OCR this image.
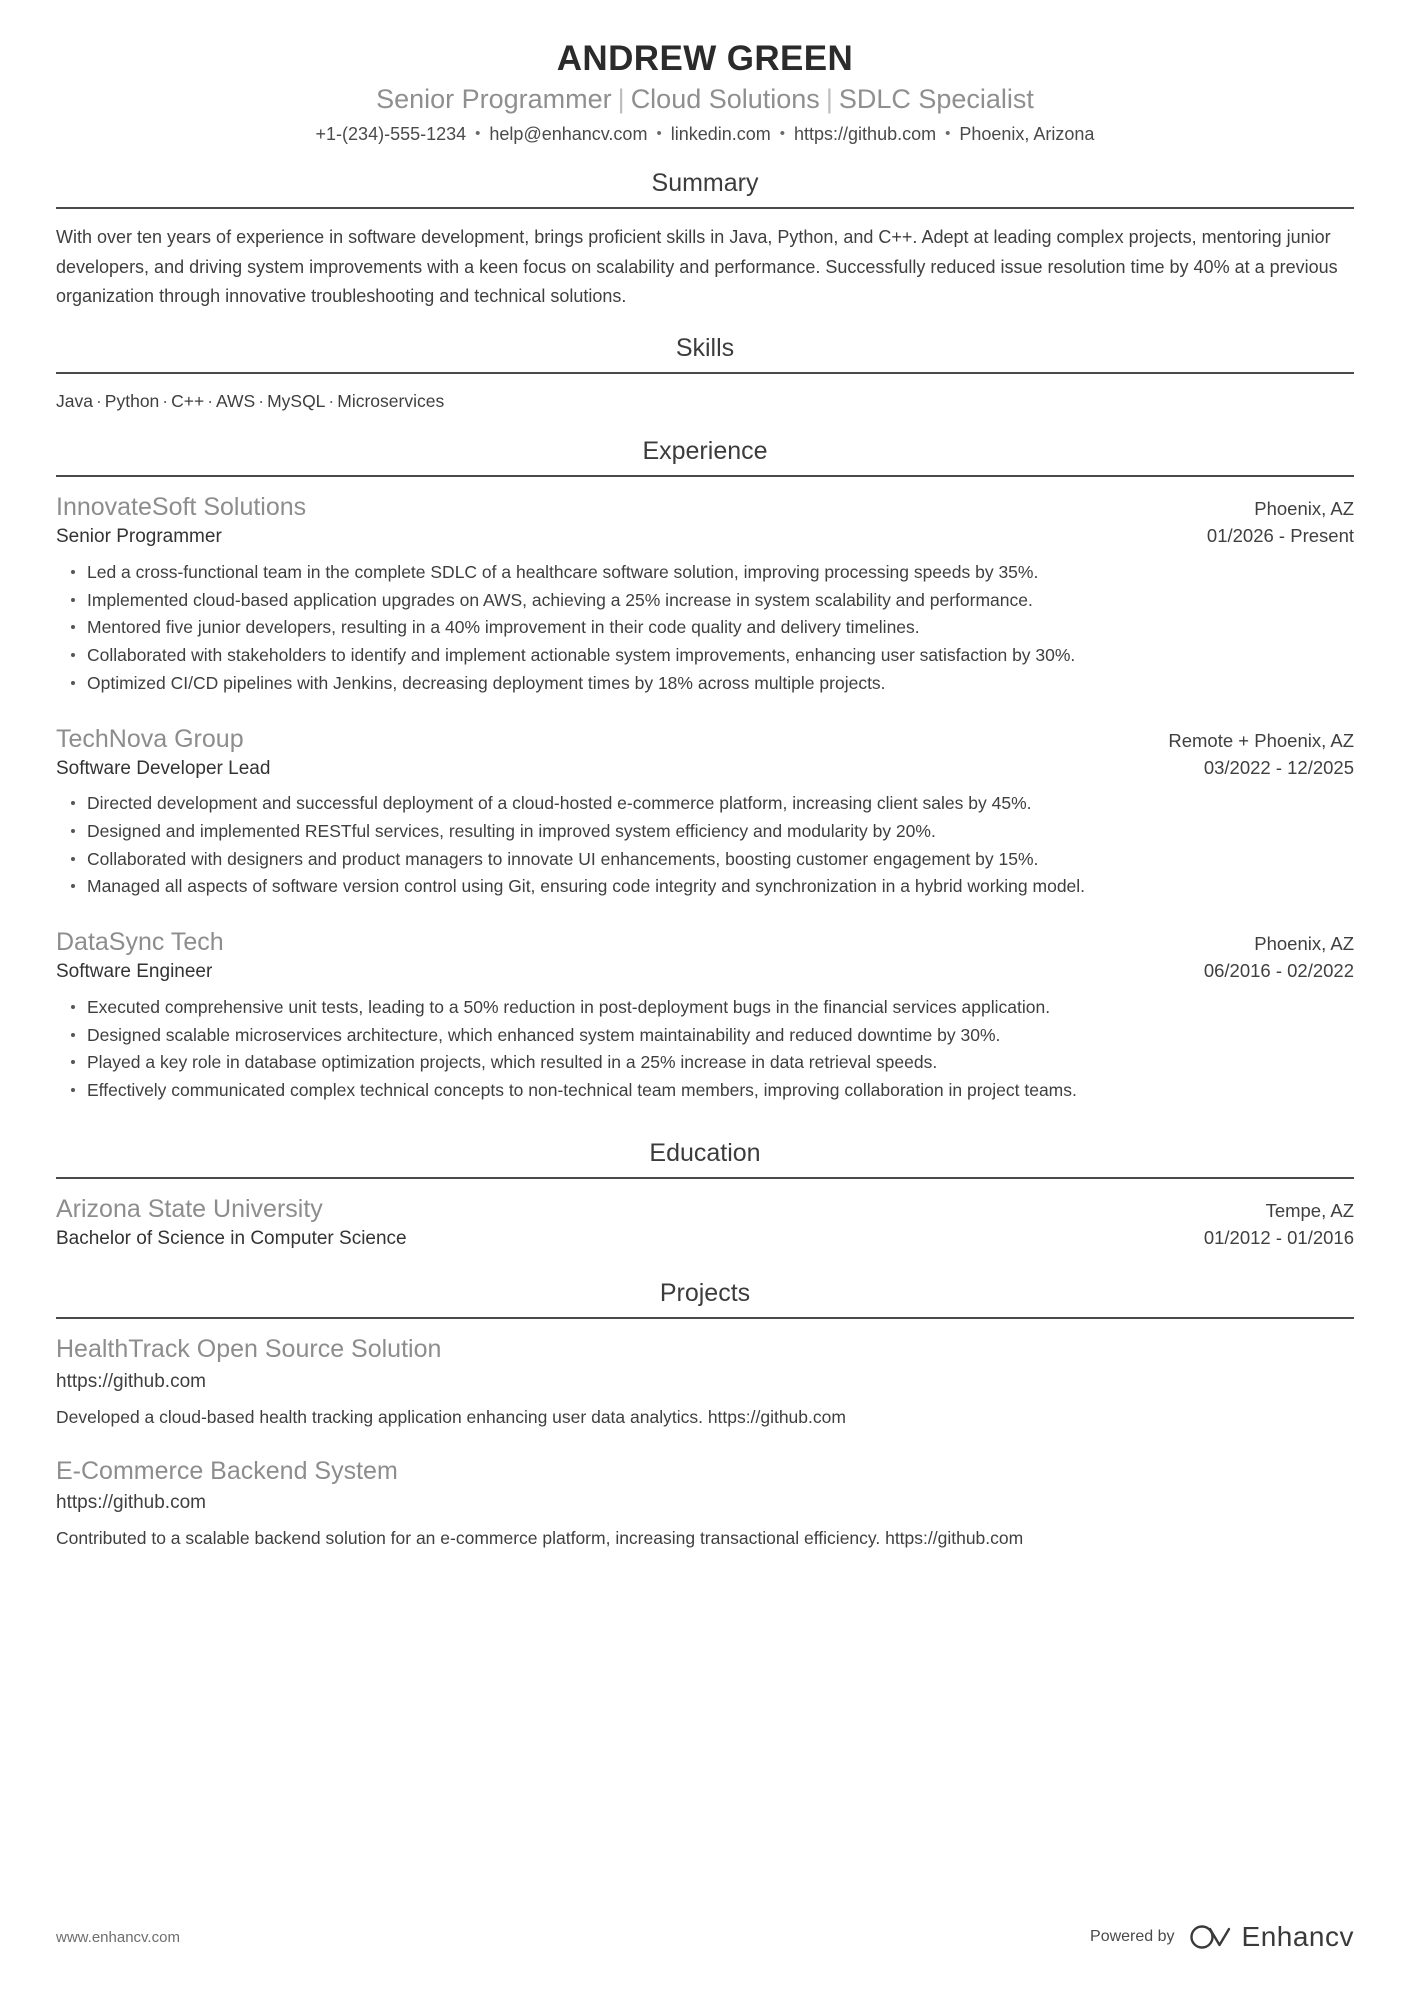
ANDREW GREEN
Senior Programmer | Cloud Solutions | SDLC Specialist
+1-(234)-555-1234 • help@enhancv.com • linkedin.com • https://github.com • Phoenix, Arizona
Summary

With over ten years of experience in software development, brings proficient skills in Java, Python, and C++. Adept at leading complex projects, mentoring junior developers, and driving system improvements with a keen focus on scalability and performance. Successfully reduced issue resolution time by 40% at a previous organization through innovative troubleshooting and technical solutions.

Skills

Java · Python · C++ · AWS · MySQL · Microservices

Experience
InnovateSoft Solutions	Phoenix, AZ
Senior Programmer	01/2026 - Present
Led a cross-functional team in the complete SDLC of a healthcare software solution, improving processing speeds by 35%.
Implemented cloud-based application upgrades on AWS, achieving a 25% increase in system scalability and performance.
Mentored five junior developers, resulting in a 40% improvement in their code quality and delivery timelines.
Collaborated with stakeholders to identify and implement actionable system improvements, enhancing user satisfaction by 30%.
Optimized CI/CD pipelines with Jenkins, decreasing deployment times by 18% across multiple projects.
TechNova Group	Remote + Phoenix, AZ
Software Developer Lead	03/2022 - 12/2025
Directed development and successful deployment of a cloud-hosted e-commerce platform, increasing client sales by 45%.
Designed and implemented RESTful services, resulting in improved system efficiency and modularity by 20%.
Collaborated with designers and product managers to innovate UI enhancements, boosting customer engagement by 15%.
Managed all aspects of software version control using Git, ensuring code integrity and synchronization in a hybrid working model.
DataSync Tech	Phoenix, AZ
Software Engineer	06/2016 - 02/2022
Executed comprehensive unit tests, leading to a 50% reduction in post-deployment bugs in the financial services application.
Designed scalable microservices architecture, which enhanced system maintainability and reduced downtime by 30%.
Played a key role in database optimization projects, which resulted in a 25% increase in data retrieval speeds.
Effectively communicated complex technical concepts to non-technical team members, improving collaboration in project teams.
Education
Arizona State University	Tempe, AZ
Bachelor of Science in Computer Science	01/2012 - 01/2016
Projects
HealthTrack Open Source Solution
https://github.com
Developed a cloud-based health tracking application enhancing user data analytics. https://github.com
E-Commerce Backend System
https://github.com
Contributed to a scalable backend solution for an e-commerce platform, increasing transactional efficiency. https://github.com
www.enhancv.com	Powered by Enhancv
